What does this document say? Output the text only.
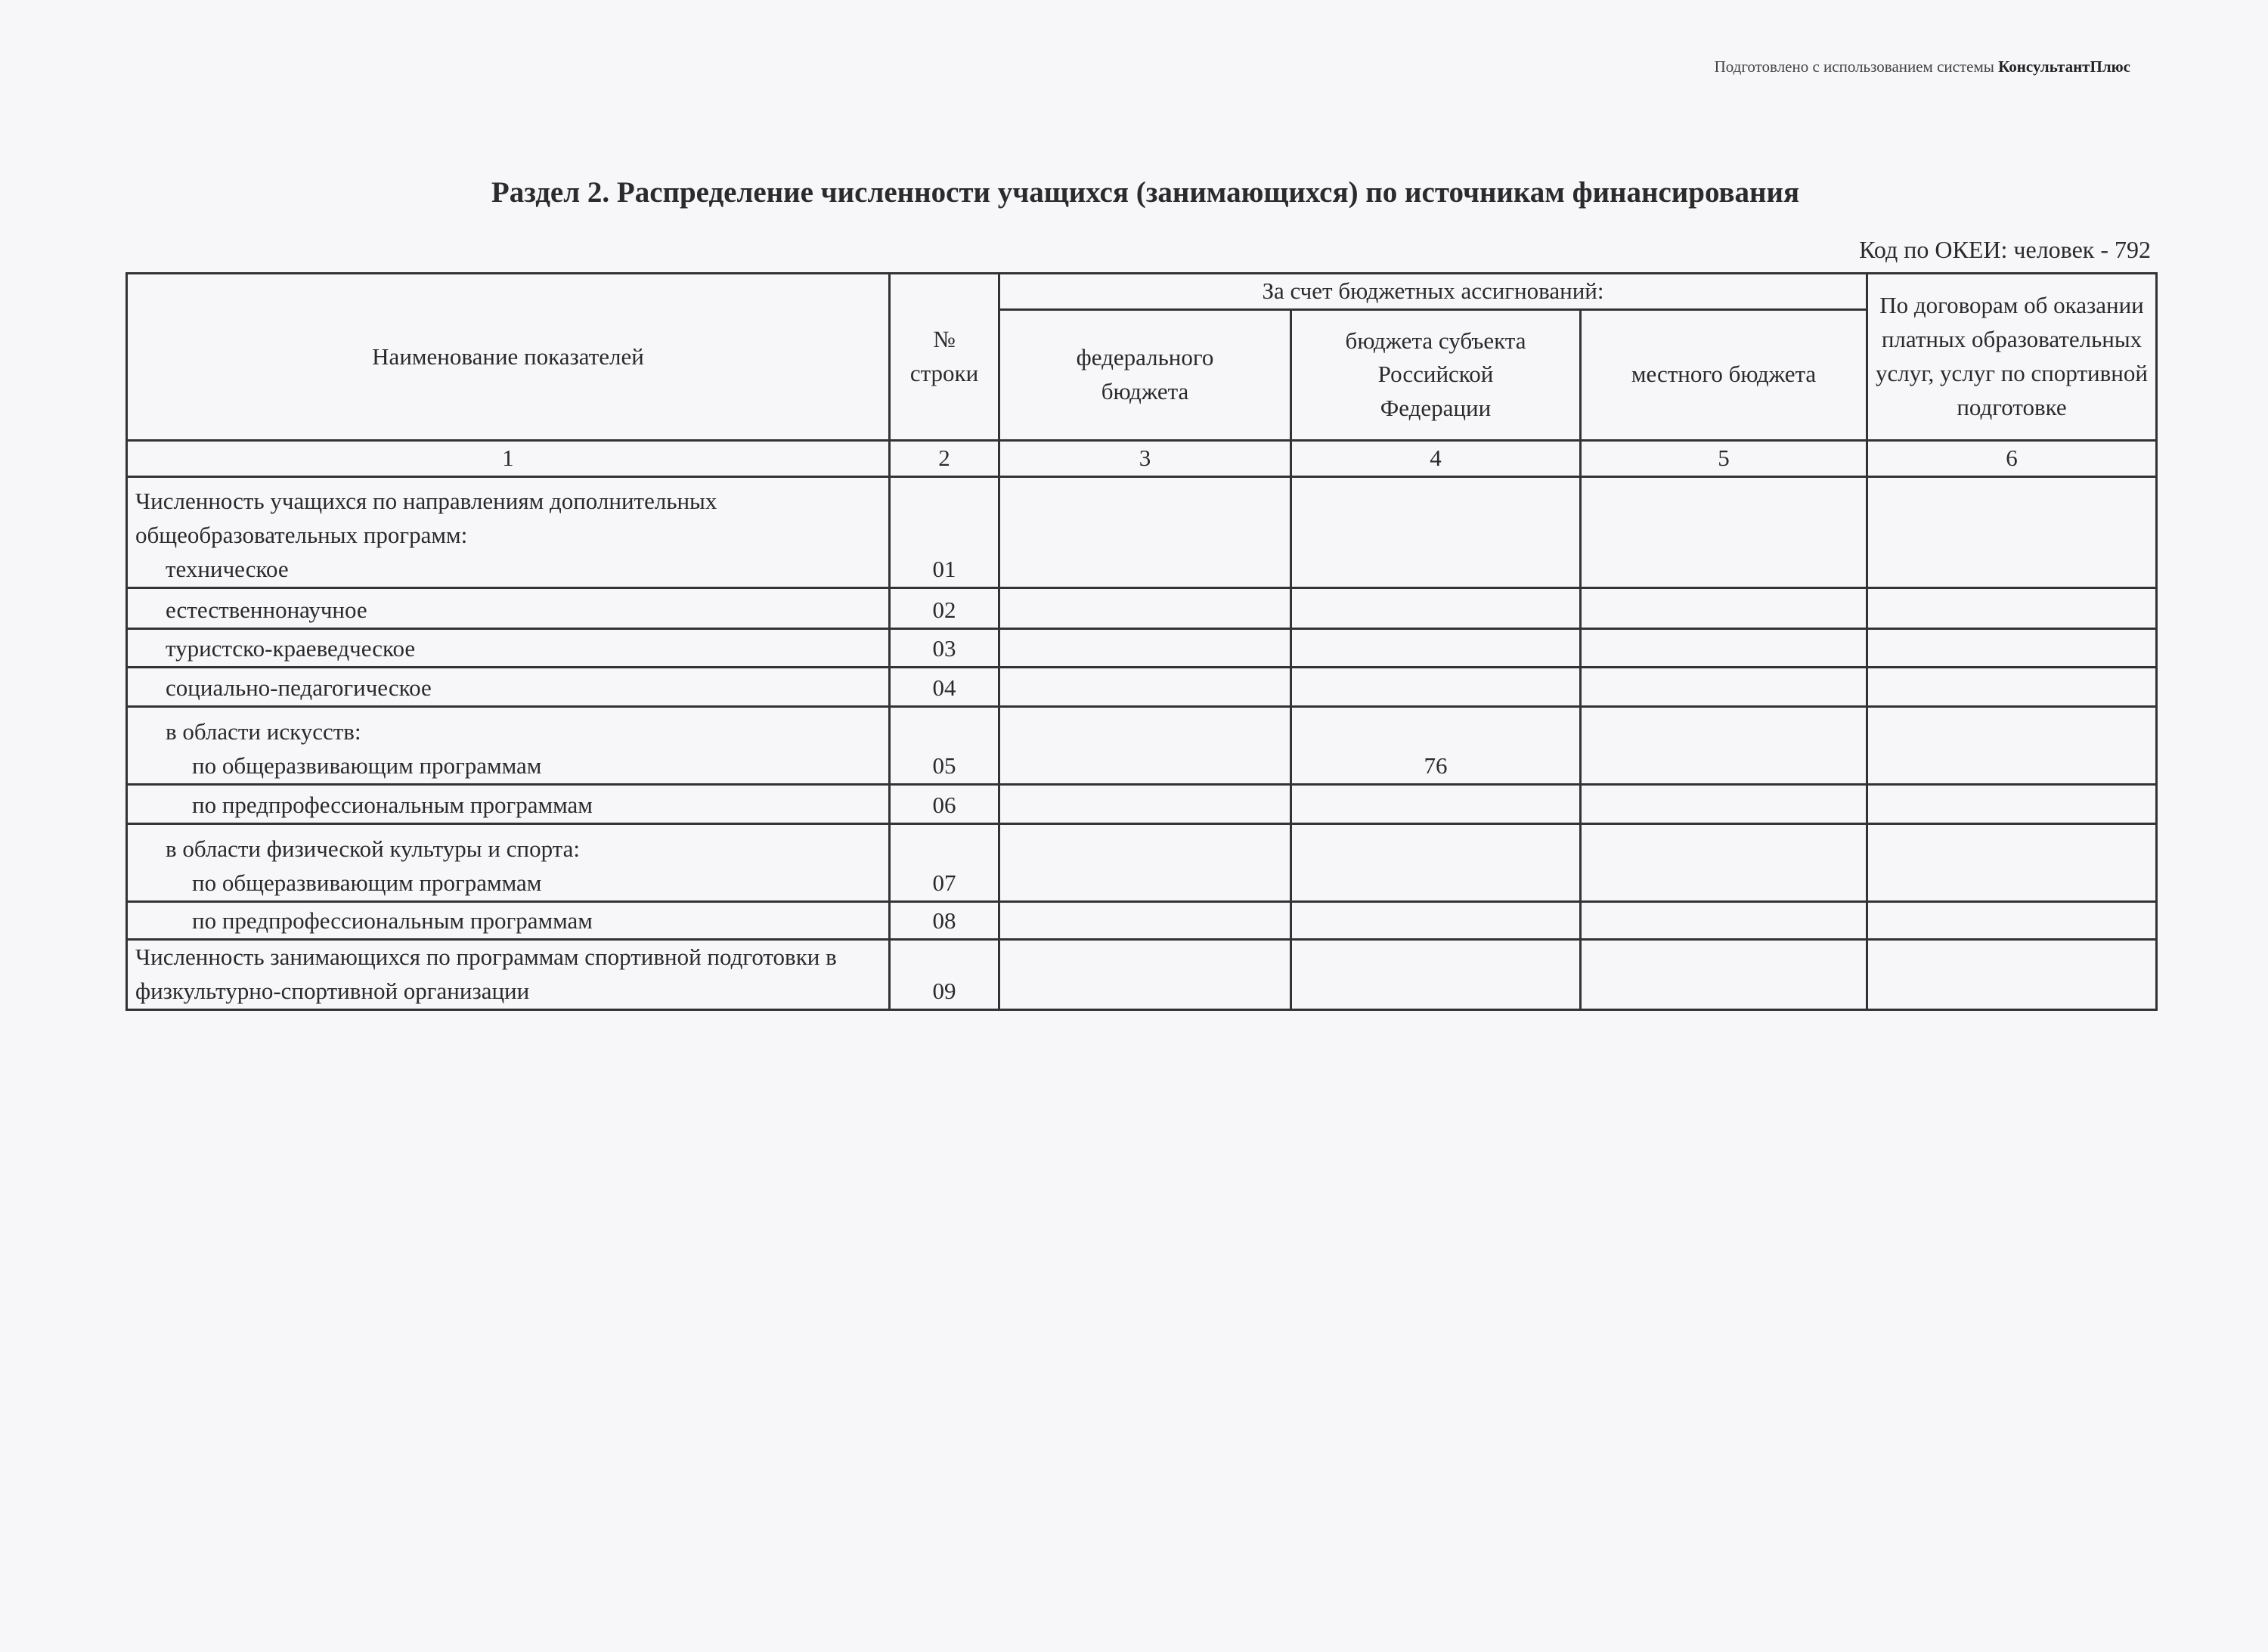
Подготовлено с использованием системы КонсультантПлюс
Раздел 2. Распределение численности учащихся (занимающихся) по источникам финансирования
Код по ОКЕИ: человек - 792
Наименование показателей	№ строки	За счет бюджетных ассигнований:			По договорам об оказании платных образовательных услуг, услуг по спортивной подготовке
		федерального бюджета	бюджета субъекта Российской Федерации	местного бюджета	
1	2	3	4	5	6

Численность учащихся по направлениям дополнительных общеобразовательных программ:
техническое	01				

естественнонаучное	02				

туристско-краеведческое	03				

социально-педагогическое	04				

в области искусств:
по общеразвивающим программам	05		76		

по предпрофессиональным программам	06				

в области физической культуры и спорта:
по общеразвивающим программам	07				

по предпрофессиональным программам	08				

Численность занимающихся по программам спортивной подготовки в физкультурно-спортивной организации	09				
